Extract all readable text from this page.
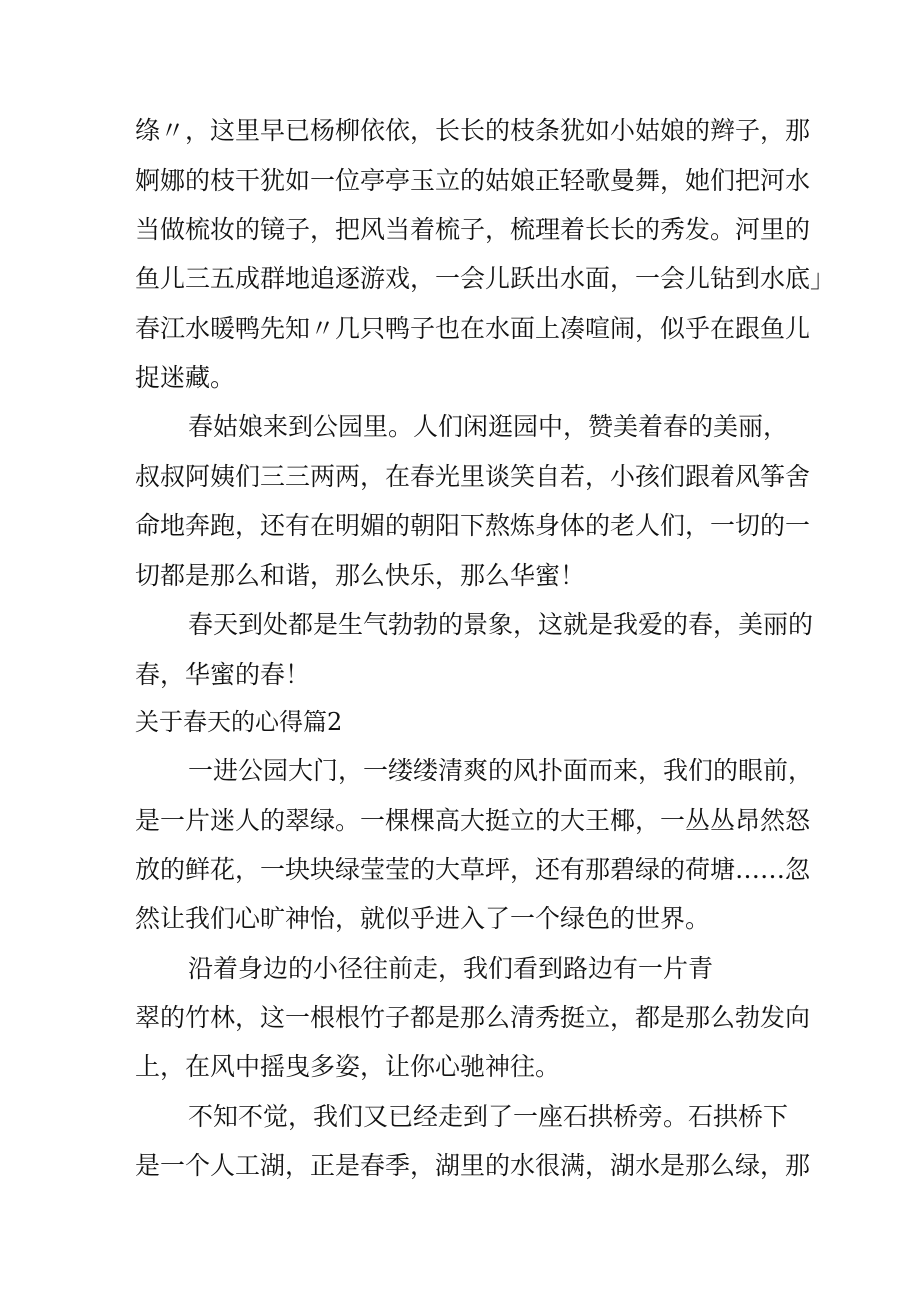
绦〃，这里早已杨柳依依，长长的枝条犹如小姑娘的辫子，那
婀娜的枝干犹如一位亭亭玉立的姑娘正轻歌曼舞，她们把河水
当做梳妆的镜子，把风当着梳子，梳理着长长的秀发。河里的
鱼儿三五成群地追逐游戏，一会儿跃出水面，一会儿钻到水底」
春江水暖鸭先知〃几只鸭子也在水面上凑喧闹，似乎在跟鱼儿
捉迷藏。
春姑娘来到公园里。人们闲逛园中，赞美着春的美丽，
叔叔阿姨们三三两两，在春光里谈笑自若，小孩们跟着风筝舍
命地奔跑，还有在明媚的朝阳下熬炼身体的老人们，一切的一
切都是那么和谐，那么快乐，那么华蜜！
春天到处都是生气勃勃的景象，这就是我爱的春，美丽的
春，华蜜的春！
关于春天的心得篇2
一进公园大门，一缕缕清爽的风扑面而来，我们的眼前，
是一片迷人的翠绿。一棵棵高大挺立的大王椰，一丛丛昂然怒
放的鲜花，一块块绿莹莹的大草坪，还有那碧绿的荷塘……忽
然让我们心旷神怡，就似乎进入了一个绿色的世界。
沿着身边的小径往前走，我们看到路边有一片青
翠的竹林，这一根根竹子都是那么清秀挺立，都是那么勃发向
上，在风中摇曳多姿，让你心驰神往。
不知不觉，我们又已经走到了一座石拱桥旁。石拱桥下
是一个人工湖，正是春季，湖里的水很满，湖水是那么绿，那
